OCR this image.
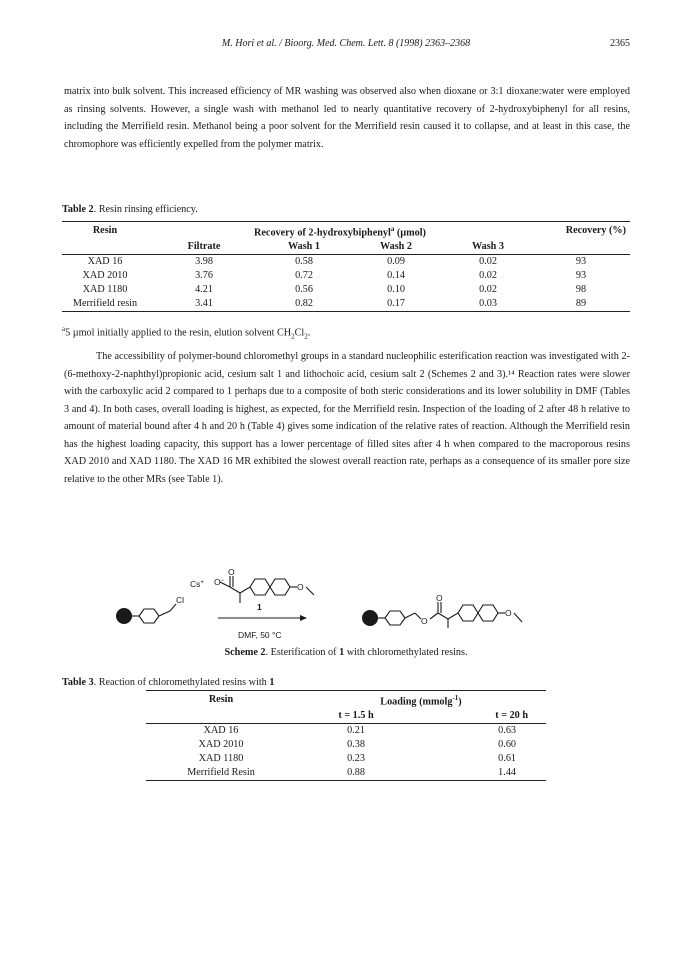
M. Hori et al. / Bioorg. Med. Chem. Lett. 8 (1998) 2363–2368	2365

matrix into bulk solvent. This increased efficiency of MR washing was observed also when dioxane or 3:1 dioxane:water were employed as rinsing solvents. However, a single wash with methanol led to nearly quantitative recovery of 2-hydroxybiphenyl for all resins, including the Merrifield resin. Methanol being a poor solvent for the Merrifield resin caused it to collapse, and at least in this case, the chromophore was efficiently expelled from the polymer matrix.

Table 2. Resin rinsing efficiency.

Resin	Recovery of 2-hydroxybiphenyl$^a$ (µmol)				Recovery (%)
	Filtrate	Wash 1	Wash 2	Wash 3	
XAD 16	3.98	0.58	0.09	0.02	93
XAD 2010	3.76	0.72	0.14	0.02	93
XAD 1180	4.21	0.56	0.10	0.02	98
Merrifield resin	3.41	0.82	0.17	0.03	89

$^a$5 µmol initially applied to the resin, elution solvent $CH_2Cl_2$.

The accessibility of polymer-bound chloromethyl groups in a standard nucleophilic esterification reaction was investigated with 2-(6-methoxy-2-naphthyl)propionic acid, cesium salt 1 and lithochoic acid, cesium salt 2 (Schemes 2 and 3).¹⁴ Reaction rates were slower with the carboxylic acid 2 compared to 1 perhaps due to a composite of both steric considerations and its lower solubility in DMF (Tables 3 and 4). In both cases, overall loading is highest, as expected, for the Merrifield resin. Inspection of the loading of 2 after 48 h relative to amount of material bound after 4 h and 20 h (Table 4) gives some indication of the relative rates of reaction. Although the Merrifield resin has the highest loading capacity, this support has a lower percentage of filled sites after 4 h when compared to the macroporous resins XAD 2010 and XAD 1180. The XAD 16 MR exhibited the slowest overall reaction rate, perhaps as a consequence of its smaller pore size relative to the other MRs (see Table 1).

Cl
Cs+ O−
O
O
1
DMF, 50 °C
O
O
O

Scheme 2. Esterification of 1 with chloromethylated resins.

Table 3. Reaction of chloromethylated resins with 1

Resin	Loading (mmolg$^{-1}$)	
	t = 1.5 h	t = 20 h
XAD 16	0.21	0.63
XAD 2010	0.38	0.60
XAD 1180	0.23	0.61
Merrifield Resin	0.88	1.44
